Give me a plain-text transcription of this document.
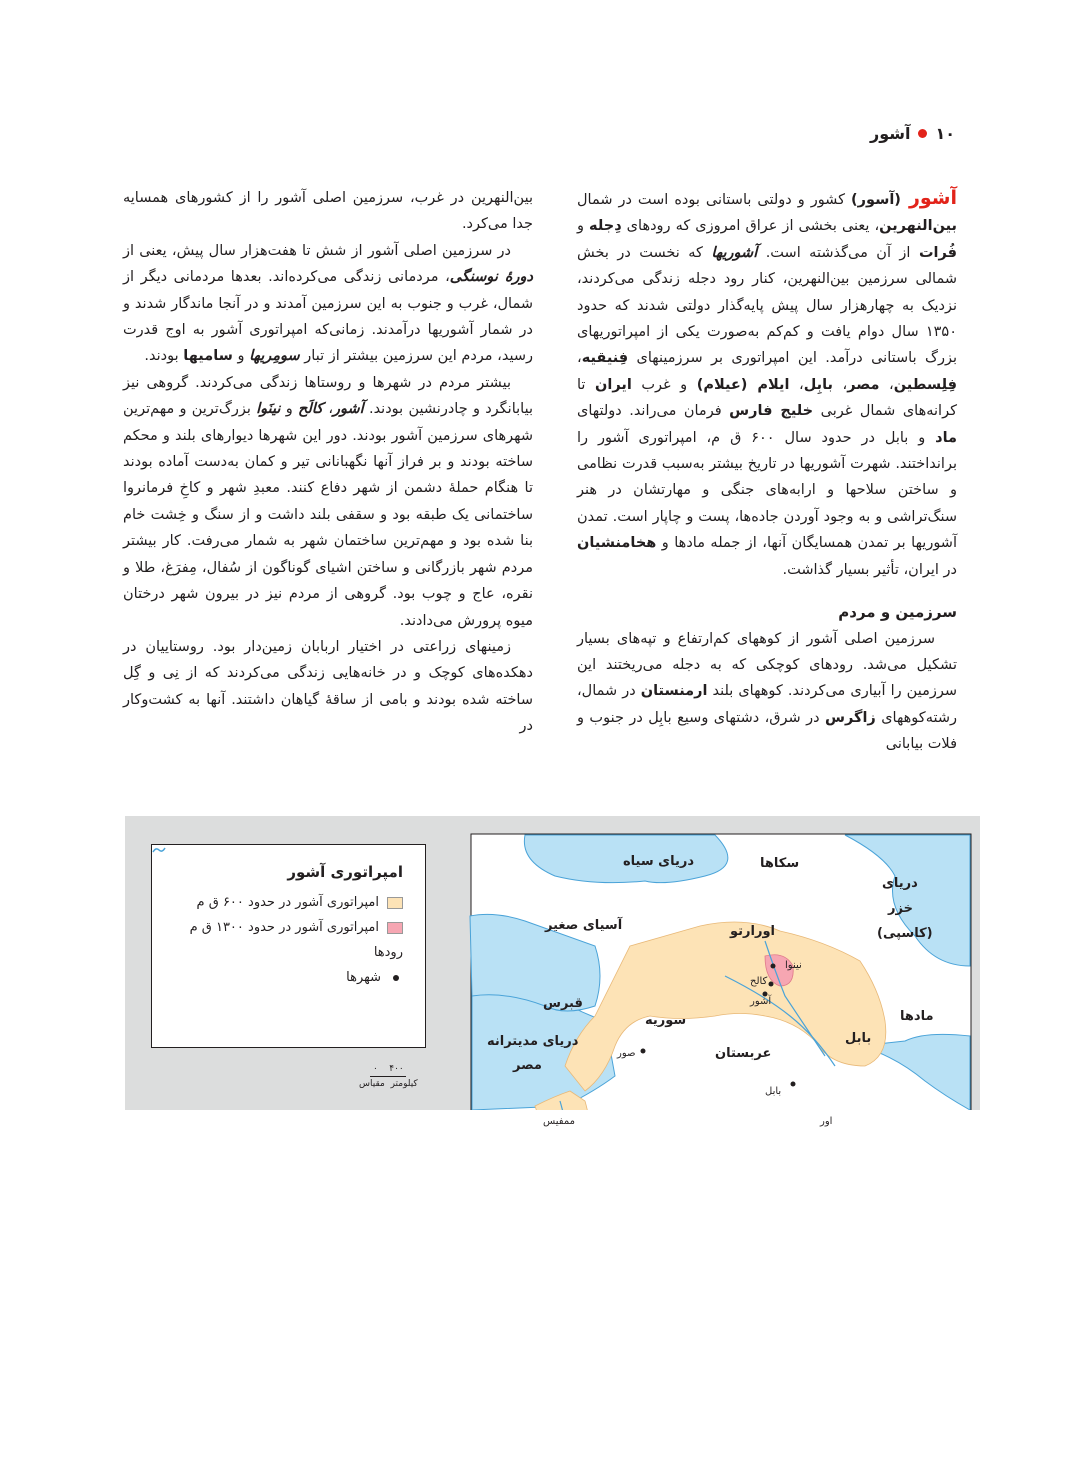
۱۰
آشور

آشور(آسور) کشور و دولتی باستانی بوده است در شمال بین‌النهرین، یعنی بخشی از عراق امروزی که رودهای دِجله و فُرات از آن می‌گذشته است. آشوریها که نخست در بخش شمالی سرزمین بین‌النهرین، کنار رود دجله زندگی می‌کردند، نزدیک به چهارهزار سال پیش پایه‌گذار دولتی شدند که حدود ۱۳۵۰ سال دوام یافت و کم‌کم به‌صورت یکی از امپراتوریهای بزرگ باستانی درآمد. این امپراتوری بر سرزمینهای فِنیقیه، فِلِسطین، مصر، بابِل، ایلام (عیلام) و غرب ایران تا کرانه‌های شمال غربی خلیج فارس فرمان می‌راند. دولتهای ماد و بابل در حدود سال ۶۰۰ ق م، امپراتوری آشور را برانداختند. شهرت آشوریها در تاریخ بیشتر به‌سبب قدرت نظامی و ساختن سلاحها و ارابه‌های جنگی و مهارتشان در هنر سنگ‌تراشی و به وجود آوردن جاده‌ها، پست و چاپار است. تمدن آشوریها بر تمدن همسایگان آنها، از جمله مادها و هخامنشیان در ایران، تأثیر بسیار گذاشت.

سرزمین و مردم

سرزمین اصلی آشور از کوههای کم‌ارتفاع و تپه‌های بسیار تشکیل می‌شد. رودهای کوچکی که به دجله می‌ریختند این سرزمین را آبیاری می‌کردند. کوههای بلند ارمنستان در شمال، رشته‌کوههای زاگرس در شرق، دشتهای وسیع بابِل در جنوب و فلات بیابانی

بین‌النهرین در غرب، سرزمین اصلی آشور را از کشورهای همسایه جدا می‌کرد.

در سرزمین اصلی آشور از شش تا هفت‌هزار سال پیش، یعنی از دورهٔ نوسنگی، مردمانی زندگی می‌کرده‌اند. بعدها مردمانی دیگر از شمال، غرب و جنوب به این سرزمین آمدند و در آنجا ماندگار شدند و در شمار آشوریها درآمدند. زمانی‌که امپراتوری آشور به اوج قدرت رسید، مردم این سرزمین بیشتر از تبار سومِریها و سامیها بودند.

بیشتر مردم در شهرها و روستاها زندگی می‌کردند. گروهی نیز بیابانگرد و چادرنشین بودند. آشور، کالَح و نینَوا بزرگ‌ترین و مهم‌ترین شهرهای سرزمین آشور بودند. دور این شهرها دیوارهای بلند و محکم ساخته بودند و بر فراز آنها نگهبانانی تیر و کمان به‌دست آماده بودند تا هنگام حملهٔ دشمن از شهر دفاع کنند. معبدِ شهر و کاخِ فرمانروا ساختمانی یک طبقه بود و سقفی بلند داشت و از سنگ و خِشت خام بنا شده بود و مهم‌ترین ساختمان شهر به شمار می‌رفت. کار بیشتر مردم شهر بازرگانی و ساختن اشیای گوناگون از سُفال، مِفرَغ، طلا و نقره، عاج و چوب بود. گروهی از مردم نیز در بیرون شهر درختان میوه پرورش می‌دادند.

زمینهای زراعتی در اختیار اربابان زمین‌دار بود. روستاییان در دهکده‌های کوچک و در خانه‌هایی زندگی می‌کردند که از نِی و گِل ساخته شده بودند و بامی از ساقهٔ گیاهان داشتند. آنها به کشت‌وکار در

امپراتوری آشور
امپراتوری آشور در حدود ۶۰۰ ق م
امپراتوری آشور در حدود ۱۳۰۰ ق م
رودها
شهرها
۴۰۰    ۰
کیلومتر  مقیاس
دریای سیاه	سکاها
دریای
خزر
(کاسپی)
آسیای صغیر	اورارتو
نینوا
کالح
آشور
قبرس
سوریه	مادها
دریای مدیترانه
صور
بابل
بابل
اور
ممفیس
عربستان
مصر
